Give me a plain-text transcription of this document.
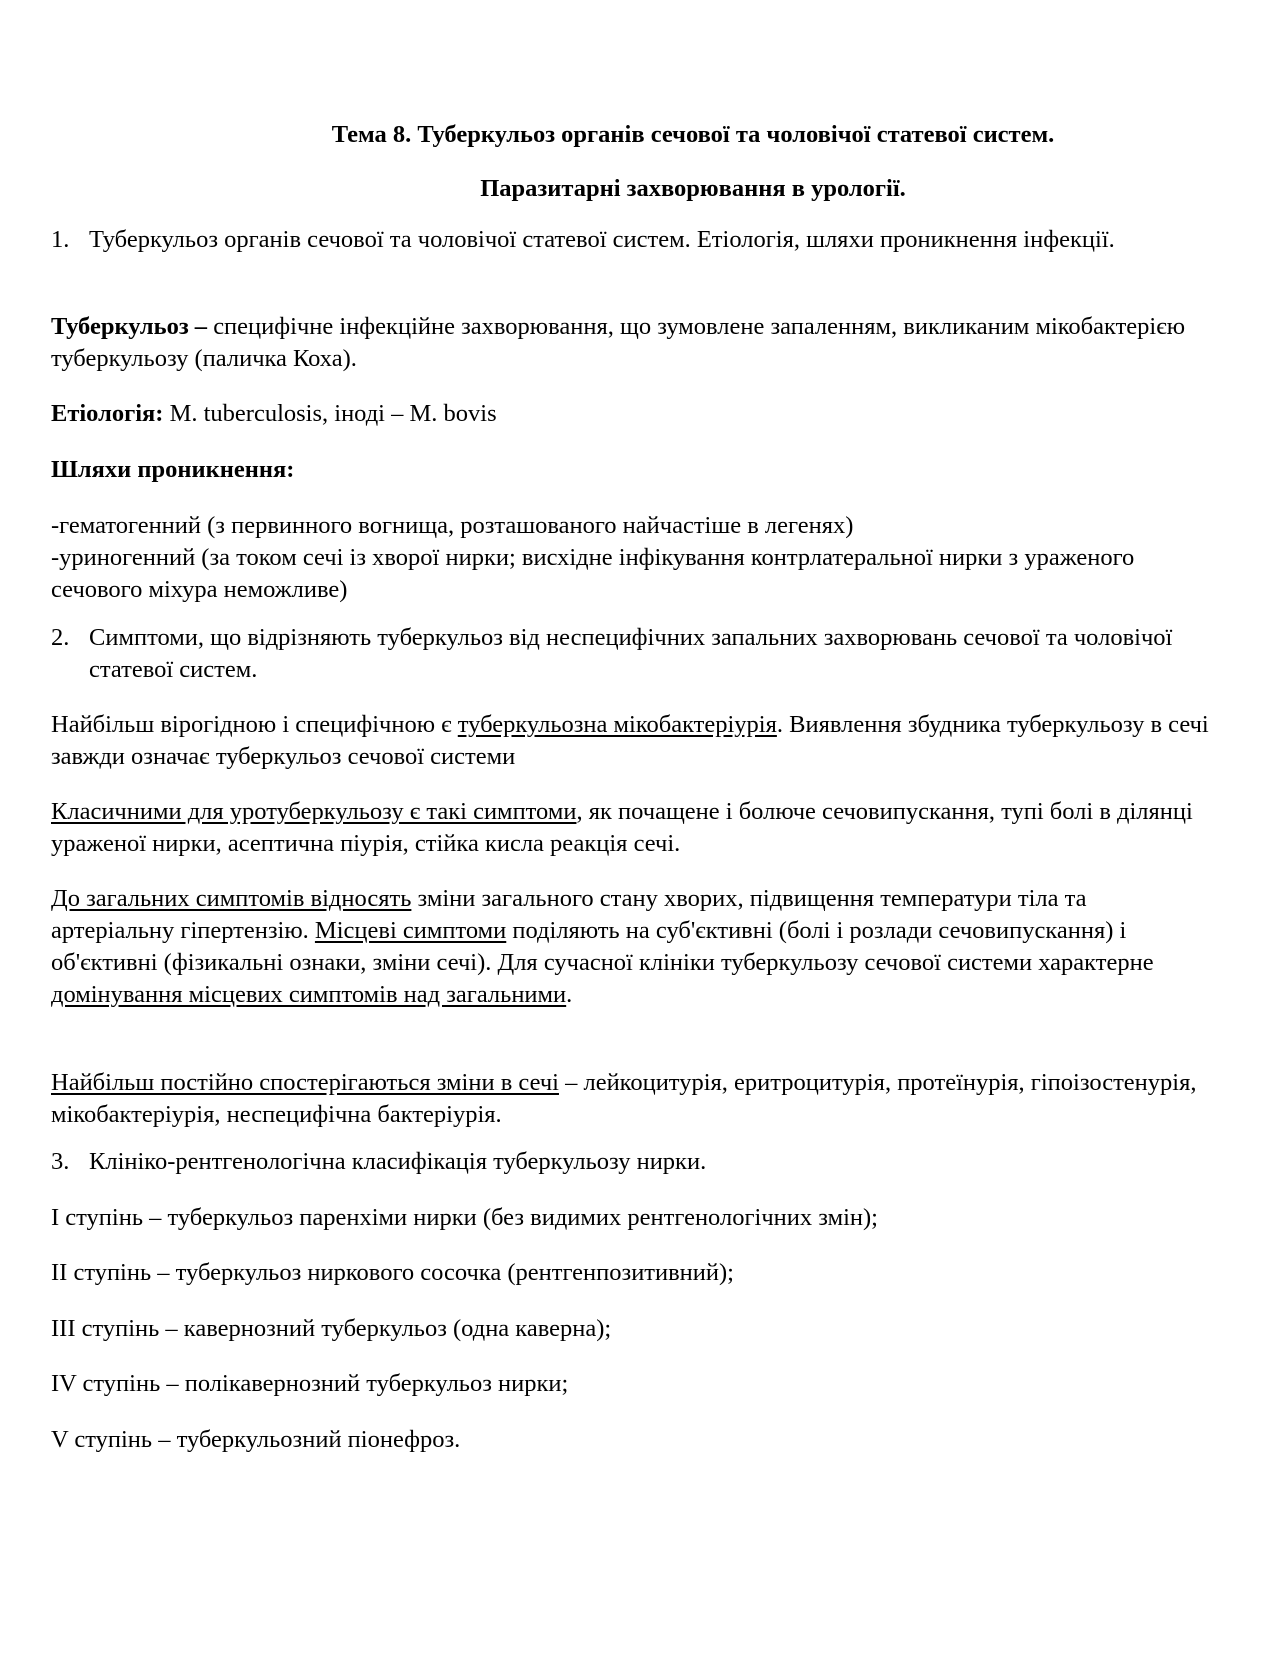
Тема 8. Туберкульоз органів сечової та чоловічої статевої систем.

Паразитарні захворювання в урології.

1. Туберкульоз органів сечової та чоловічої статевої систем. Етіологія, шляхи проникнення інфекції.

Туберкульоз – специфічне інфекційне захворювання, що зумовлене запаленням, викликаним мікобактерією туберкульозу (паличка Коха).

Етіологія: M. tuberculosis, іноді – M. bovis

Шляхи проникнення:

-гематогенний (з первинного вогнища, розташованого найчастіше в легенях)
-уриногенний (за током сечі із хворої нирки; висхідне інфікування контрлатеральної нирки з ураженого сечового міхура неможливе)
2. Симптоми, що відрізняють туберкульоз від неспецифічних запальних захворювань сечової та чоловічої статевої систем.

Найбільш вірогідною і специфічною є туберкульозна мікобактеріурія. Виявлення збудника туберкульозу в сечі завжди означає туберкульоз сечової системи

Класичними для уротуберкульозу є такі симптоми, як почащене і болюче сечовипускання, тупі болі в ділянці ураженої нирки, асептична піурія, стійка кисла реакція сечі.

До загальних симптомів відносять зміни загального стану хворих, підвищення температури тіла та артеріальну гіпертензію. Місцеві симптоми поділяють на суб'єктивні (болі і розлади сечовипускання) і об'єктивні (фізикальні ознаки, зміни сечі). Для сучасної клініки туберкульозу сечової системи характерне домінування місцевих симптомів над загальними.

Найбільш постійно спостерігаються зміни в сечі – лейкоцитурія, еритроцитурія, протеїнурія, гіпоізостенурія, мікобактеріурія, неспецифічна бактеріурія.

3. Клініко-рентгенологічна класифікація туберкульозу нирки.

I ступінь – туберкульоз паренхіми нирки (без видимих рентгенологічних змін);

II ступінь – туберкульоз ниркового сосочка (рентгенпозитивний);

III ступінь – кавернозний туберкульоз (одна каверна);

IV ступінь – полікавернозний туберкульоз нирки;

V ступінь – туберкульозний піонефроз.
